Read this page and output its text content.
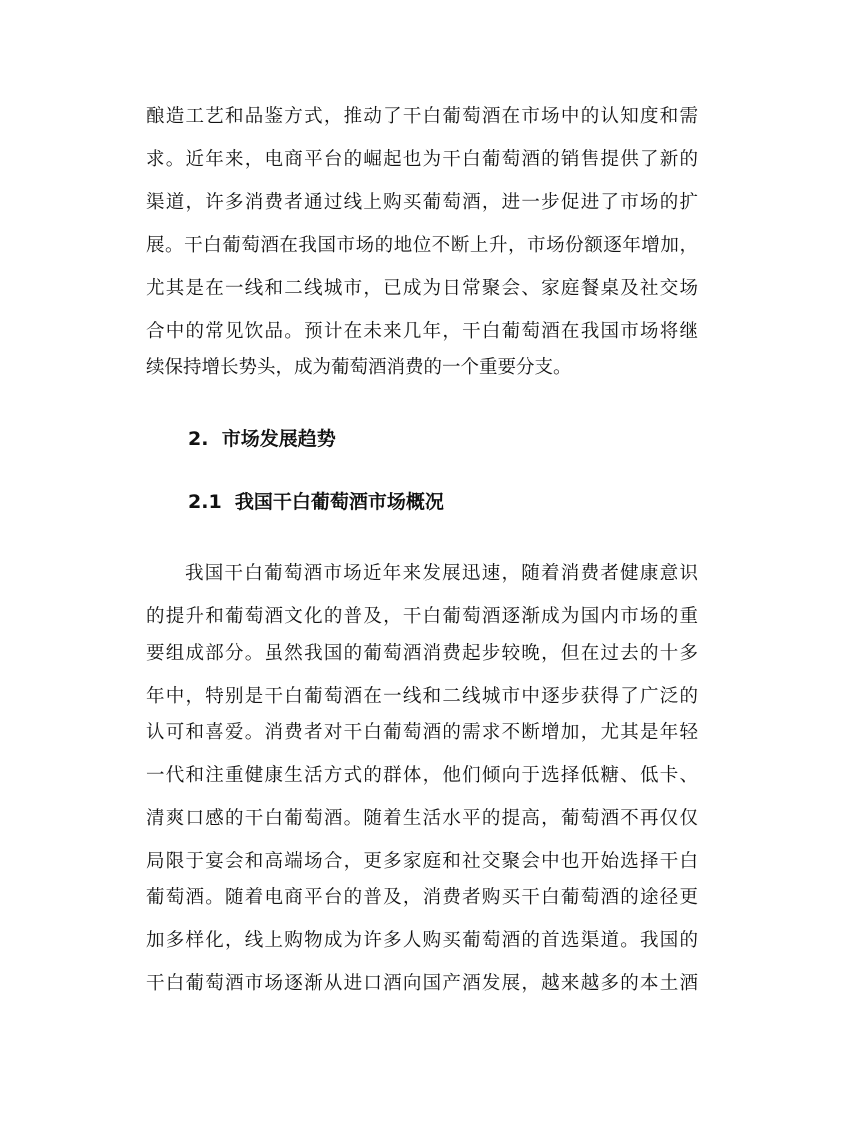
酿造工艺和品鉴方式，推动了干白葡萄酒在市场中的认知度和需
求。近年来，电商平台的崛起也为干白葡萄酒的销售提供了新的
渠道，许多消费者通过线上购买葡萄酒，进一步促进了市场的扩
展。干白葡萄酒在我国市场的地位不断上升，市场份额逐年增加，
尤其是在一线和二线城市，已成为日常聚会、家庭餐桌及社交场
合中的常见饮品。预计在未来几年，干白葡萄酒在我国市场将继
续保持增长势头，成为葡萄酒消费的一个重要分支。
2. 市场发展趋势
2.1 我国干白葡萄酒市场概况
我国干白葡萄酒市场近年来发展迅速，随着消费者健康意识
的提升和葡萄酒文化的普及，干白葡萄酒逐渐成为国内市场的重
要组成部分。虽然我国的葡萄酒消费起步较晚，但在过去的十多
年中，特别是干白葡萄酒在一线和二线城市中逐步获得了广泛的
认可和喜爱。消费者对干白葡萄酒的需求不断增加，尤其是年轻
一代和注重健康生活方式的群体，他们倾向于选择低糖、低卡、
清爽口感的干白葡萄酒。随着生活水平的提高，葡萄酒不再仅仅
局限于宴会和高端场合，更多家庭和社交聚会中也开始选择干白
葡萄酒。随着电商平台的普及，消费者购买干白葡萄酒的途径更
加多样化，线上购物成为许多人购买葡萄酒的首选渠道。我国的
干白葡萄酒市场逐渐从进口酒向国产酒发展，越来越多的本土酒
